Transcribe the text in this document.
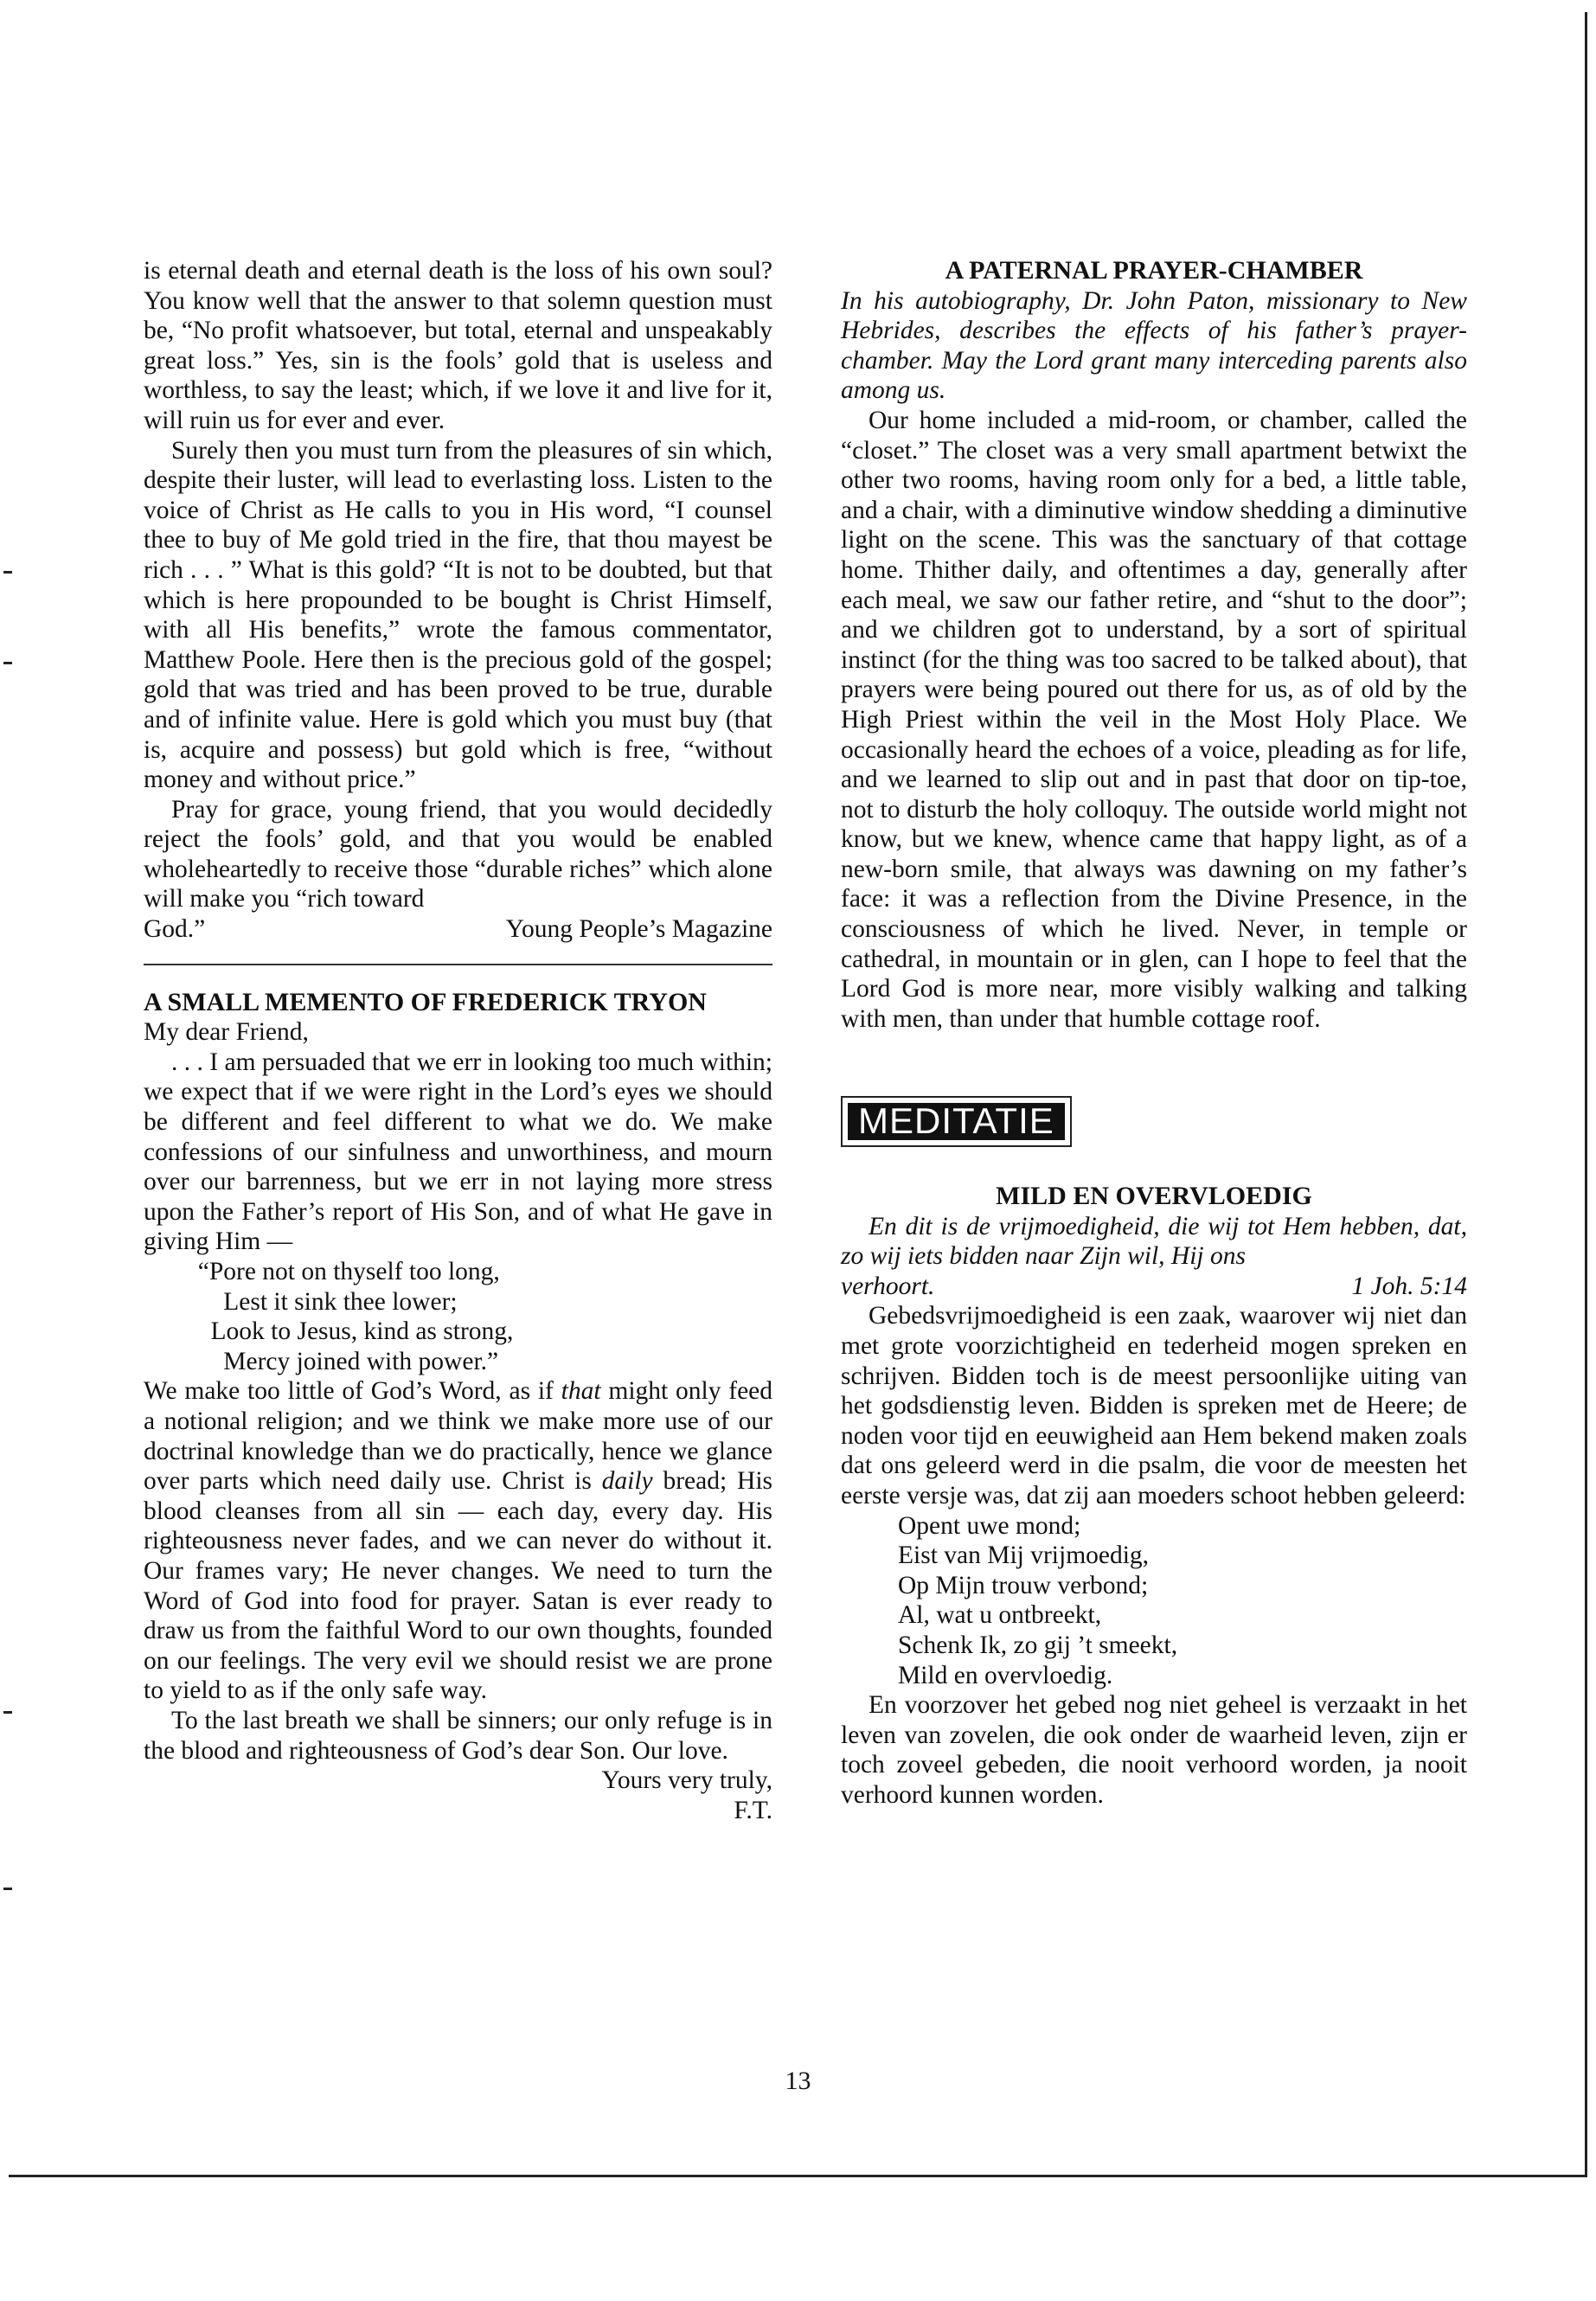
is eternal death and eternal death is the loss of his own soul? You know well that the answer to that solemn question must be, “No profit whatsoever, but total, eternal and unspeakably great loss.” Yes, sin is the fools’ gold that is useless and worthless, to say the least; which, if we love it and live for it, will ruin us for ever and ever.

Surely then you must turn from the pleasures of sin which, despite their luster, will lead to everlasting loss. Listen to the voice of Christ as He calls to you in His word, “I counsel thee to buy of Me gold tried in the fire, that thou mayest be rich . . . ” What is this gold? “It is not to be doubted, but that which is here propounded to be bought is Christ Himself, with all His benefits,” wrote the famous commentator, Matthew Poole. Here then is the precious gold of the gospel; gold that was tried and has been proved to be true, durable and of infinite value. Here is gold which you must buy (that is, acquire and possess) but gold which is free, “without money and without price.”

Pray for grace, young friend, that you would decidedly reject the fools’ gold, and that you would be enabled wholeheartedly to receive those “durable riches” which alone will make you “rich toward

God.”	Young People’s Magazine
A SMALL MEMENTO OF FREDERICK TRYON

My dear Friend,

. . . I am persuaded that we err in looking too much within; we expect that if we were right in the Lord’s eyes we should be different and feel different to what we do. We make confessions of our sinfulness and unworthiness, and mourn over our barrenness, but we err in not laying more stress upon the Father’s report of His Son, and of what He gave in giving Him —

“Pore not on thyself too long,
Lest it sink thee lower;
Look to Jesus, kind as strong,
Mercy joined with power.”

We make too little of God’s Word, as if that might only feed a notional religion; and we think we make more use of our doctrinal knowledge than we do practically, hence we glance over parts which need daily use. Christ is daily bread; His blood cleanses from all sin — each day, every day. His righteousness never fades, and we can never do without it. Our frames vary; He never changes. We need to turn the Word of God into food for prayer. Satan is ever ready to draw us from the faithful Word to our own thoughts, founded on our feelings. The very evil we should resist we are prone to yield to as if the only safe way.

To the last breath we shall be sinners; our only refuge is in the blood and righteousness of God’s dear Son. Our love.

Yours very truly,

F.T.

A PATERNAL PRAYER-CHAMBER

In his autobiography, Dr. John Paton, missionary to New Hebrides, describes the effects of his father’s prayer-chamber. May the Lord grant many interceding parents also among us.

Our home included a mid-room, or chamber, called the “closet.” The closet was a very small apartment betwixt the other two rooms, having room only for a bed, a little table, and a chair, with a diminutive window shedding a diminutive light on the scene. This was the sanctuary of that cottage home. Thither daily, and oftentimes a day, generally after each meal, we saw our father retire, and “shut to the door”; and we children got to understand, by a sort of spiritual instinct (for the thing was too sacred to be talked about), that prayers were being poured out there for us, as of old by the High Priest within the veil in the Most Holy Place. We occasionally heard the echoes of a voice, pleading as for life, and we learned to slip out and in past that door on tip-toe, not to disturb the holy colloquy. The outside world might not know, but we knew, whence came that happy light, as of a new-born smile, that always was dawning on my father’s face: it was a reflection from the Divine Presence, in the consciousness of which he lived. Never, in temple or cathedral, in mountain or in glen, can I hope to feel that the Lord God is more near, more visibly walking and talking with men, than under that humble cottage roof.

MEDITATIE
MILD EN OVERVLOEDIG

En dit is de vrijmoedigheid, die wij tot Hem hebben, dat, zo wij iets bidden naar Zijn wil, Hij ons

verhoort.	1 Joh. 5:14

Gebedsvrijmoedigheid is een zaak, waarover wij niet dan met grote voorzichtigheid en tederheid mogen spreken en schrijven. Bidden toch is de meest persoonlijke uiting van het godsdienstig leven. Bidden is spreken met de Heere; de noden voor tijd en eeuwigheid aan Hem bekend maken zoals dat ons geleerd werd in die psalm, die voor de meesten het eerste versje was, dat zij aan moeders schoot hebben geleerd:

Opent uwe mond;
Eist van Mij vrijmoedig,
Op Mijn trouw verbond;
Al, wat u ontbreekt,
Schenk Ik, zo gij ’t smeekt,
Mild en overvloedig.

En voorzover het gebed nog niet geheel is verzaakt in het leven van zovelen, die ook onder de waarheid leven, zijn er toch zoveel gebeden, die nooit verhoord worden, ja nooit verhoord kunnen worden.

13
